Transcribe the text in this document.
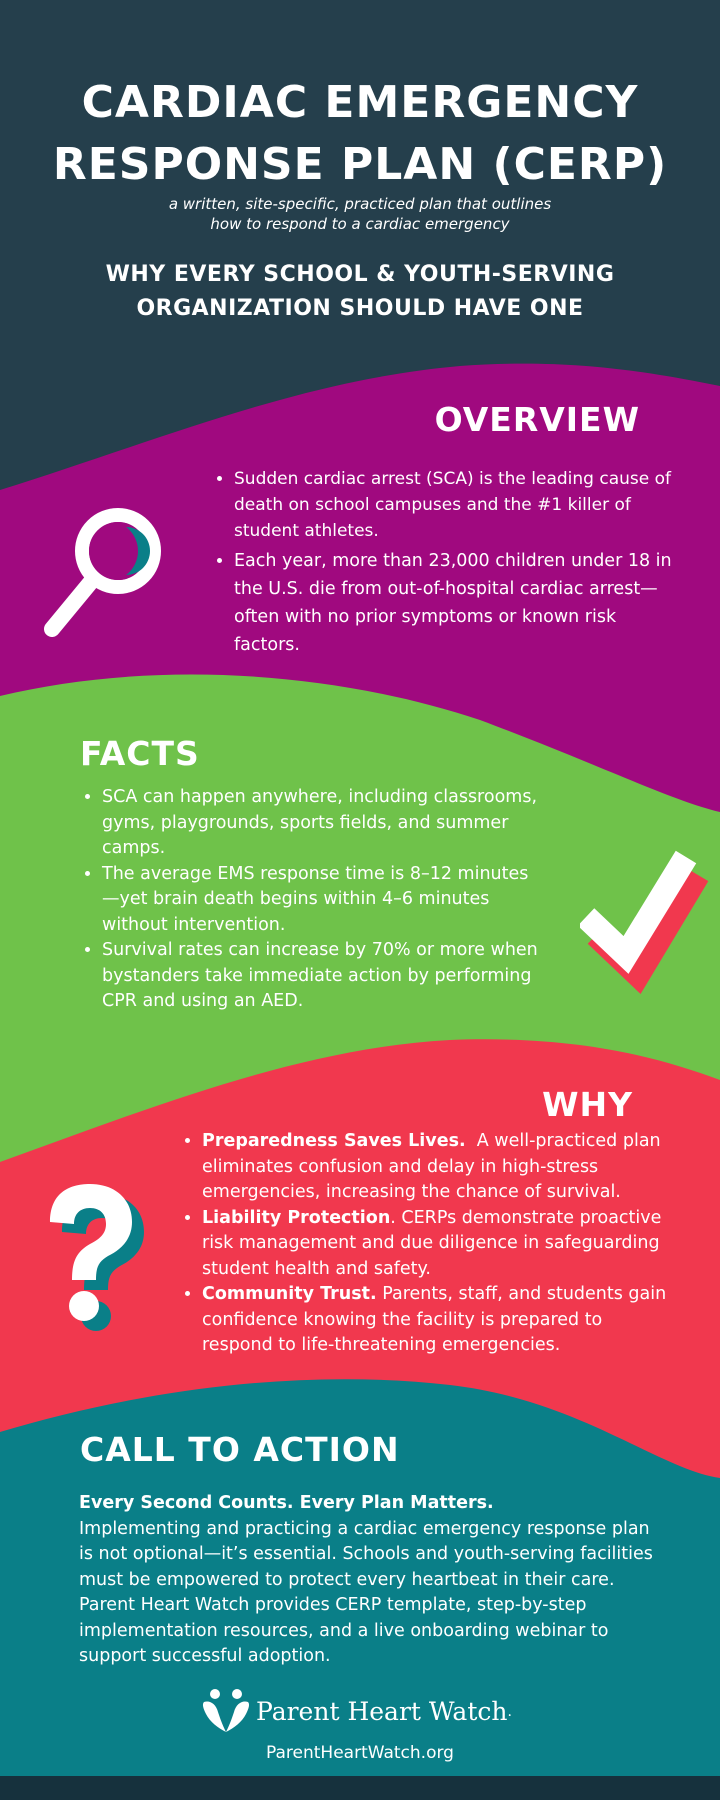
CARDIAC EMERGENCY
RESPONSE PLAN (CERP)
a written, site-specific, practiced plan that outlines
how to respond to a cardiac emergency
WHY EVERY SCHOOL & YOUTH-SERVING
ORGANIZATION SHOULD HAVE ONE
OVERVIEW
• Sudden cardiac arrest (SCA) is the leading cause of death on school campuses and the #1 killer of student athletes.
• Each year, more than 23,000 children under 18 in the U.S. die from out-of-hospital cardiac arrest—often with no prior symptoms or known risk factors.
FACTS
• SCA can happen anywhere, including classrooms, gyms, playgrounds, sports fields, and summer camps.
• The average EMS response time is 8–12 minutes—yet brain death begins within 4–6 minutes without intervention.
• Survival rates can increase by 70% or more when bystanders take immediate action by performing CPR and using an AED.
WHY
• Preparedness Saves Lives.  A well-practiced plan eliminates confusion and delay in high-stress emergencies, increasing the chance of survival.
• Liability Protection. CERPs demonstrate proactive risk management and due diligence in safeguarding student health and safety.
• Community Trust. Parents, staff, and students gain confidence knowing the facility is prepared to respond to life-threatening emergencies.
CALL TO ACTION
Every Second Counts. Every Plan Matters.
Implementing and practicing a cardiac emergency response plan is not optional—it’s essential. Schools and youth-serving facilities must be empowered to protect every heartbeat in their care.  Parent Heart Watch provides CERP template, step-by-step implementation resources, and a live onboarding webinar to support successful adoption.
Parent Heart Watch.
ParentHeartWatch.org
